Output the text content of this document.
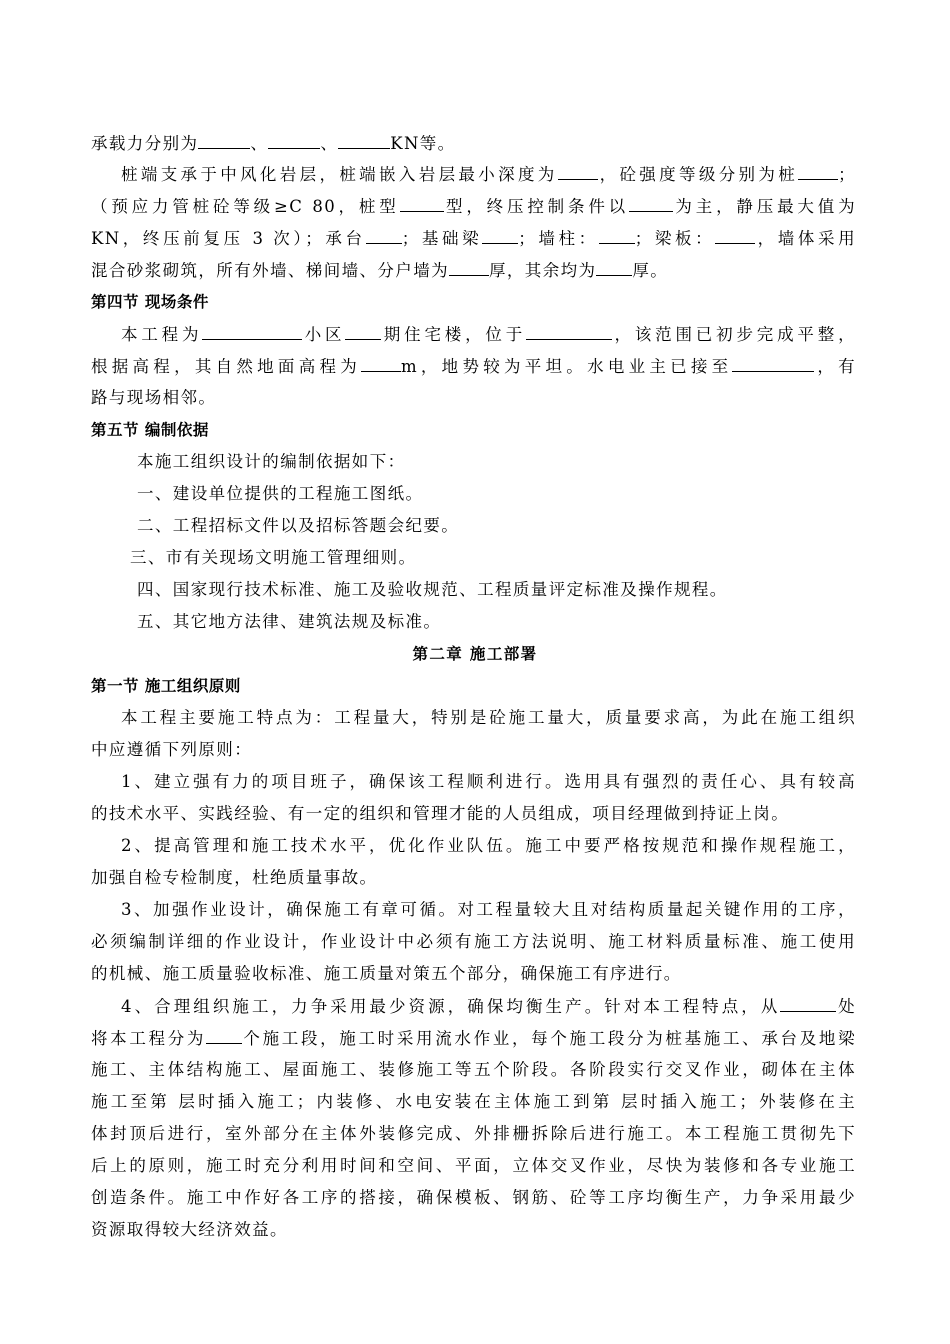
承载力分别为	、	、	KN等。
桩端支承于中风化岩层，桩端嵌入岩层最小深度为 ，砼强度等级分别为桩 ；
（预应力管桩砼等级≥C 80，桩型	型，终压控制条件以	为主，静压最大值为
KN，终压前复压 3 次）；承台 ；基础梁 ；墙柱： ；梁板： ，墙体采用
混合砂浆砌筑，所有外墙、梯间墙、分户墙为 厚，其余均为 厚。
第四节 现场条件
本工程为	小区 期住宅楼，位于	，该范围已初步完成平整，
根据高程，其自然地面高程为 m，地势较为平坦。水电业主已接至	，有
路与现场相邻。
第五节 编制依据
本施工组织设计的编制依据如下：
一、建设单位提供的工程施工图纸。
二、工程招标文件以及招标答题会纪要。
三、市有关现场文明施工管理细则。
四、国家现行技术标准、施工及验收规范、工程质量评定标准及操作规程。
五、其它地方法律、建筑法规及标准。
第二章 施工部署
第一节 施工组织原则
本工程主要施工特点为：工程量大，特别是砼施工量大，质量要求高，为此在施工组织
中应遵循下列原则：
1、建立强有力的项目班子，确保该工程顺利进行。选用具有强烈的责任心、具有较高
的技术水平、实践经验、有一定的组织和管理才能的人员组成，项目经理做到持证上岗。
2、提高管理和施工技术水平，优化作业队伍。施工中要严格按规范和操作规程施工，
加强自检专检制度，杜绝质量事故。
3、加强作业设计，确保施工有章可循。对工程量较大且对结构质量起关键作用的工序，
必须编制详细的作业设计，作业设计中必须有施工方法说明、施工材料质量标准、施工使用
的机械、施工质量验收标准、施工质量对策五个部分，确保施工有序进行。
4、合理组织施工，力争采用最少资源，确保均衡生产。针对本工程特点，从	处
将本工程分为 个施工段，施工时采用流水作业，每个施工段分为桩基施工、承台及地梁
施工、主体结构施工、屋面施工、装修施工等五个阶段。各阶段实行交叉作业，砌体在主体
施工至第 层时插入施工；内装修、水电安装在主体施工到第 层时插入施工；外装修在主
体封顶后进行，室外部分在主体外装修完成、外排栅拆除后进行施工。本工程施工贯彻先下
后上的原则，施工时充分利用时间和空间、平面，立体交叉作业，尽快为装修和各专业施工
创造条件。施工中作好各工序的搭接，确保模板、钢筋、砼等工序均衡生产，力争采用最少
资源取得较大经济效益。
